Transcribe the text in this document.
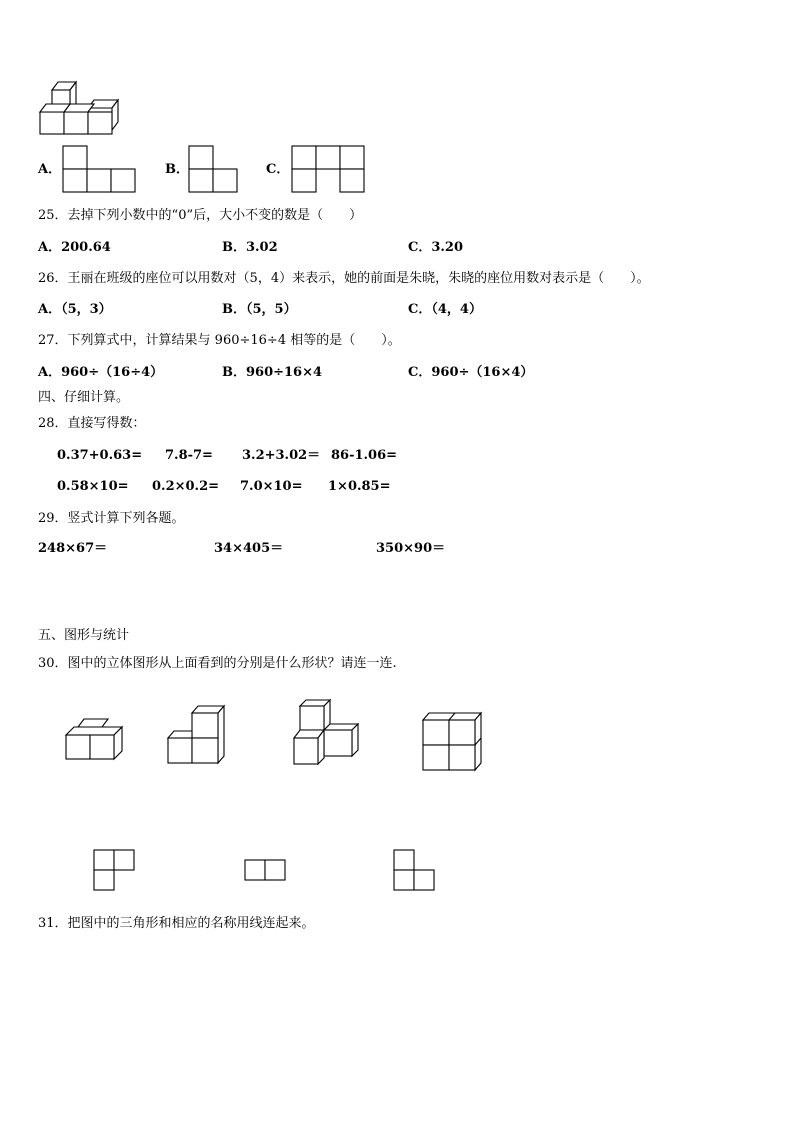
A．	B．	C．
25．去掉下列小数中的“0”后，大小不变的数是（　　）
A．200.64	B．3.02	C．3.20
26．王丽在班级的座位可以用数对（5，4）来表示，她的前面是朱晓，朱晓的座位用数对表示是（　　）。
A．（5，3）	B．（5，5）	C．（4，4）
27．下列算式中，计算结果与 960÷16÷4 相等的是（　　）。
A．960÷（16÷4）	B．960÷16×4	C．960÷（16×4）
四、仔细计算。
28．直接写得数：
0.37+0.63= 7.8-7= 3.2+3.02＝ 86-1.06=
0.58×10= 0.2×0.2= 7.0×10= 1×0.85=
29．竖式计算下列各题。
248×67＝	34×405＝	350×90＝
五、图形与统计
30．图中的立体图形从上面看到的分别是什么形状？请连一连.
31．把图中的三角形和相应的名称用线连起来。
